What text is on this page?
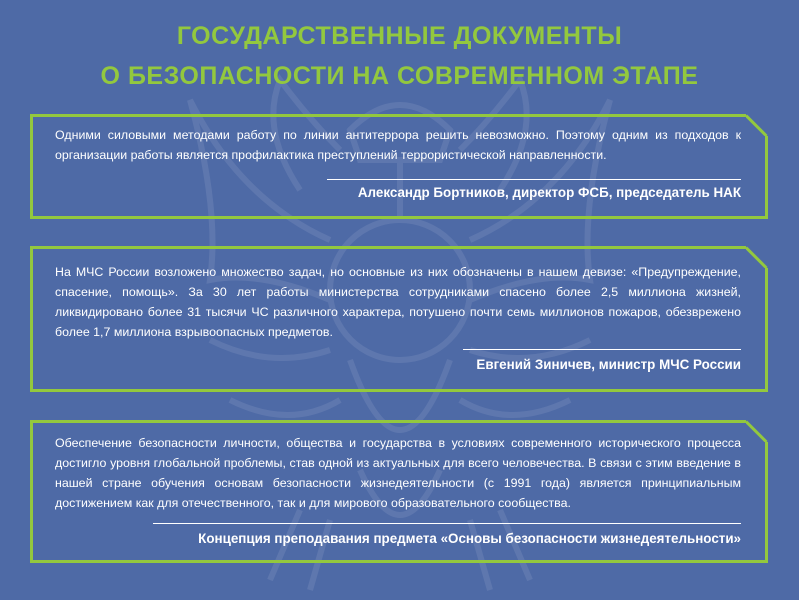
ГОСУДАРСТВЕННЫЕ ДОКУМЕНТЫ
О БЕЗОПАСНОСТИ НА СОВРЕМЕННОМ ЭТАПЕ
Одними силовыми методами работу по линии антитеррора решить невозможно. Поэтому одним из подходов к организации работы является профилактика преступлений террористической направленности.
Александр Бортников, директор ФСБ, председатель НАК
На МЧС России возложено множество задач, но основные из них обозначены в нашем девизе: «Предупреждение, спасение, помощь». За 30 лет работы министерства сотрудниками спасено более 2,5 миллиона жизней, ликвидировано более 31 тысячи ЧС различного характера, потушено почти семь миллионов пожаров, обезврежено более 1,7 миллиона взрывоопасных предметов.
Евгений Зиничев, министр МЧС России
Обеспечение безопасности личности, общества и государства в условиях современного исторического процесса достигло уровня глобальной проблемы, став одной из актуальных для всего человечества. В связи с этим введение в нашей стране обучения основам безопасности жизнедеятельности (с 1991 года) является принципиальным достижением как для отечественного, так и для мирового образовательного сообщества.
Концепция преподавания предмета «Основы безопасности жизнедеятельности»
